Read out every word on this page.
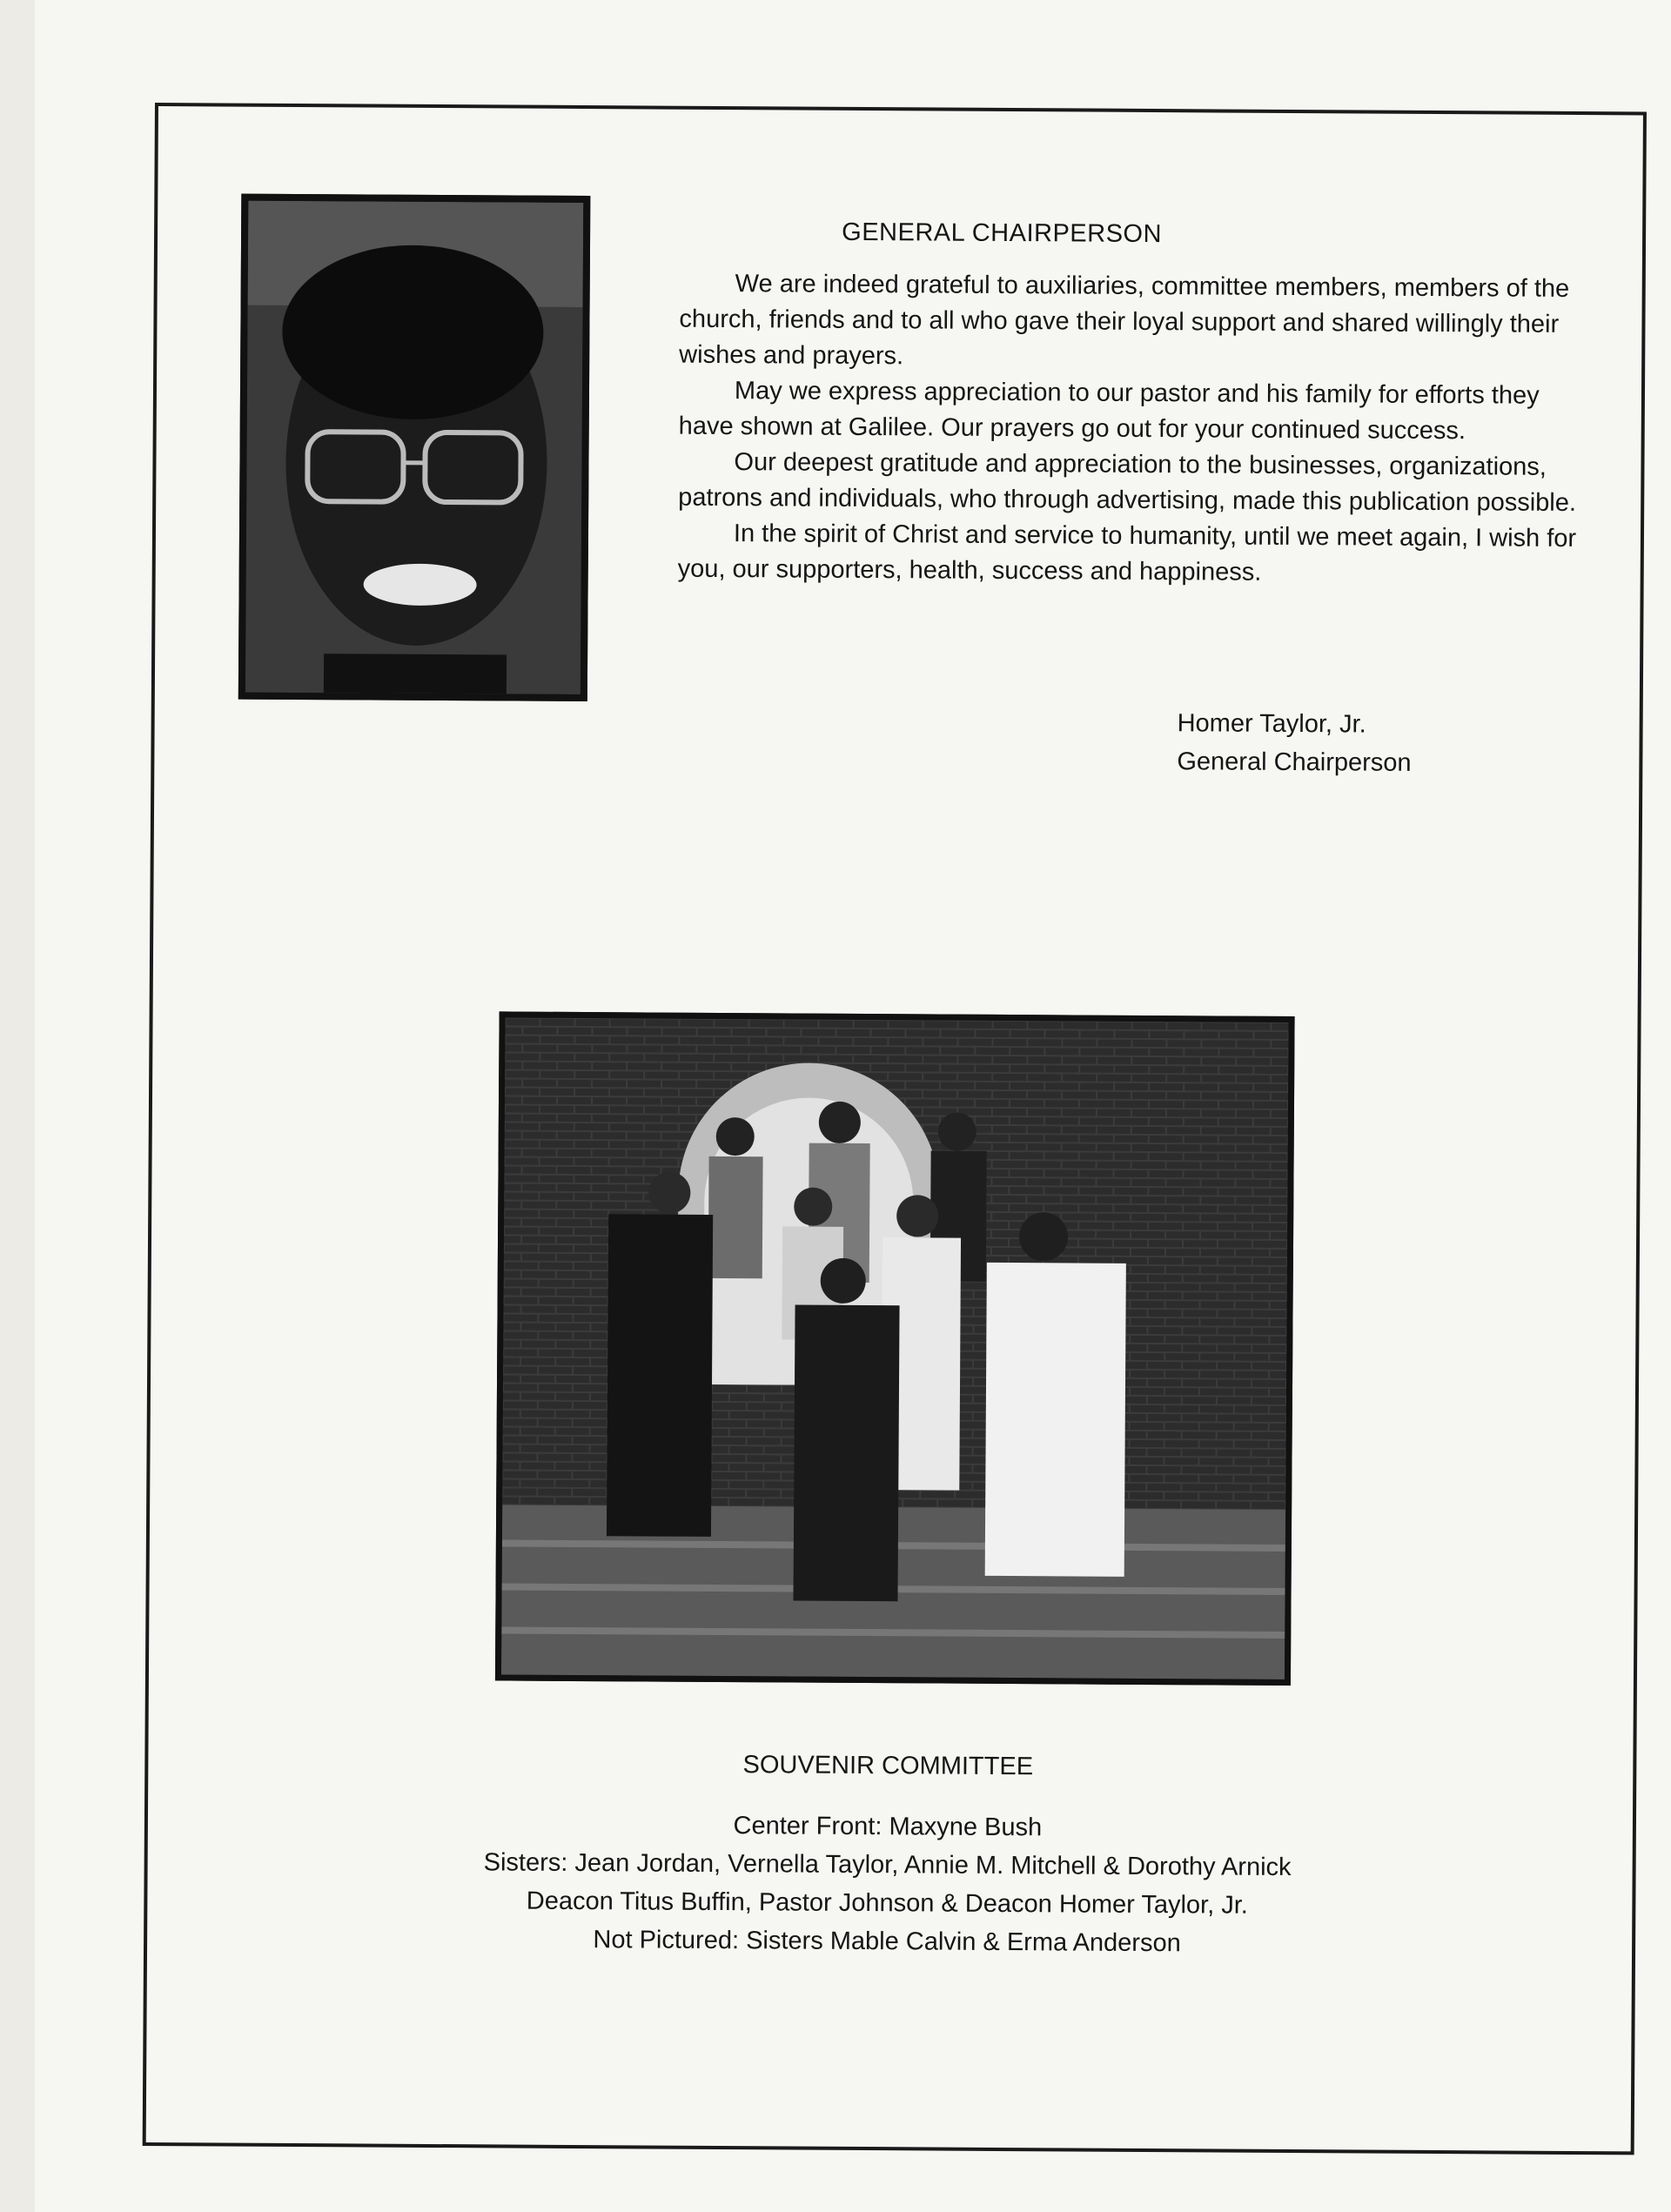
GENERAL CHAIRPERSON

We are indeed grateful to auxiliaries, committee members, members of the church, friends and to all who gave their loyal support and shared willingly their wishes and prayers.

May we express appreciation to our pastor and his family for efforts they have shown at Galilee. Our prayers go out for your continued success.

Our deepest gratitude and appreciation to the businesses, organizations, patrons and individuals, who through advertising, made this publication possible.

In the spirit of Christ and service to humanity, until we meet again, I wish for you, our supporters, health, success and happiness.

Homer Taylor, Jr.
General Chairperson
SOUVENIR COMMITTEE
Center Front: Maxyne Bush
Sisters: Jean Jordan, Vernella Taylor, Annie M. Mitchell & Dorothy Arnick
Deacon Titus Buffin, Pastor Johnson & Deacon Homer Taylor, Jr.
Not Pictured: Sisters Mable Calvin & Erma Anderson
